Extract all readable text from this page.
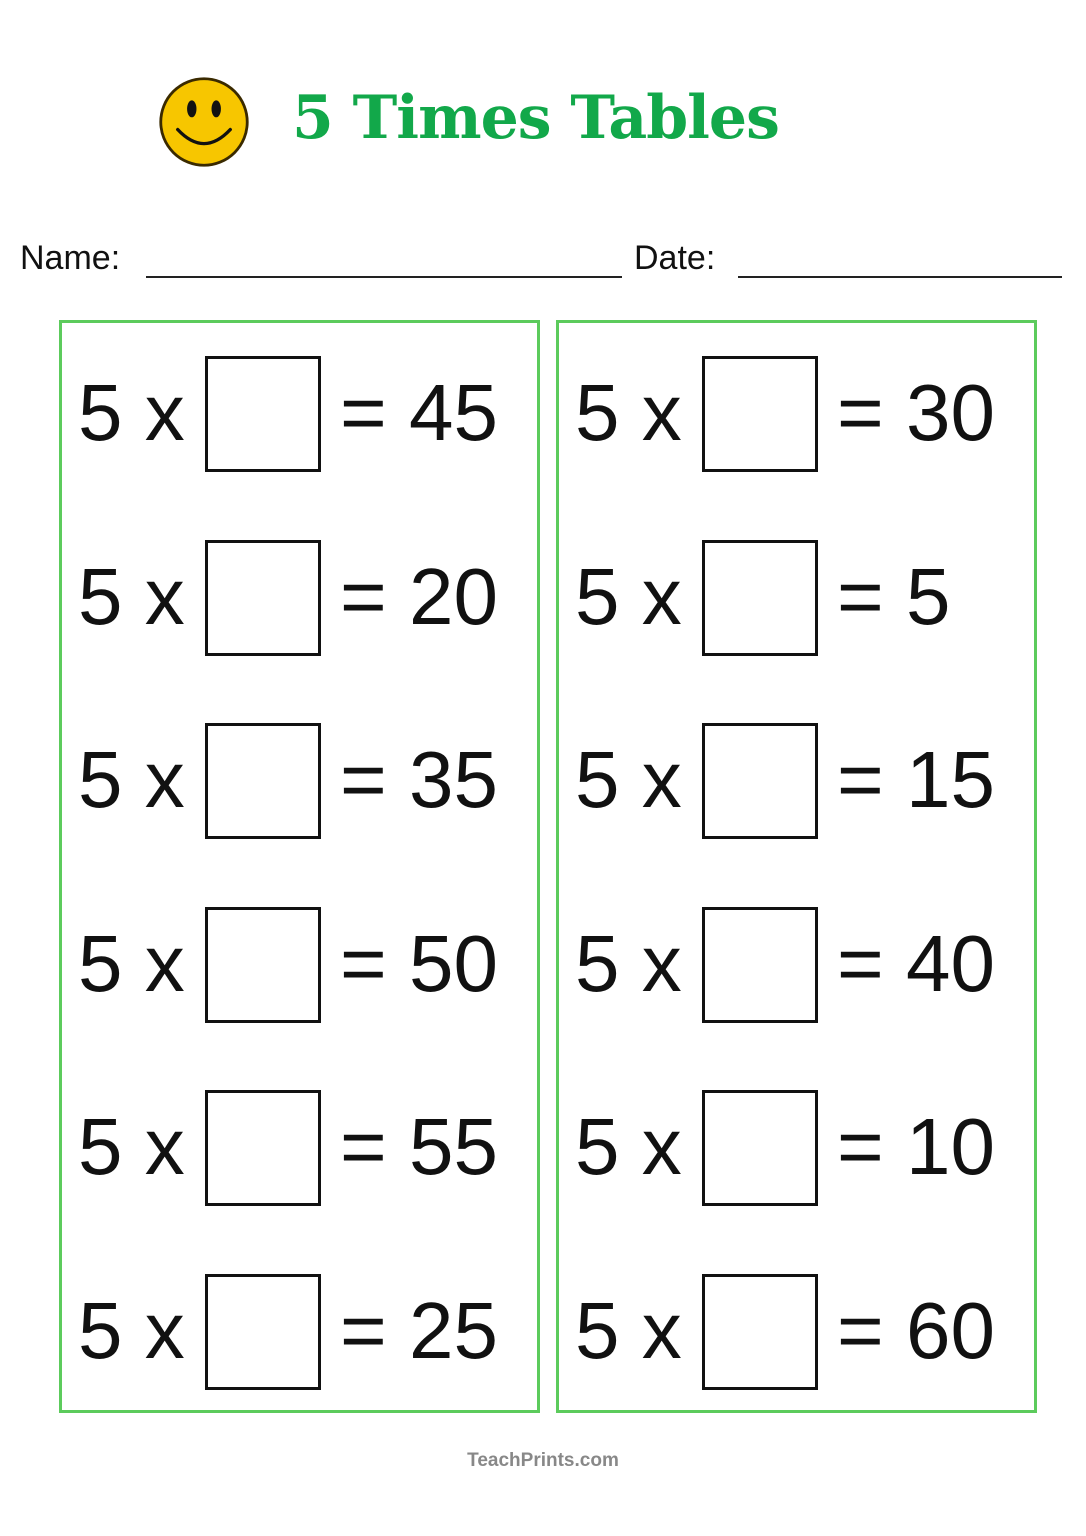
5 Times Tables
Name:	Date:
5 x = 45
5 x = 20
5 x = 35
5 x = 50
5 x = 55
5 x = 25
5 x = 30
5 x = 5
5 x = 15
5 x = 40
5 x = 10
5 x = 60
TeachPrints.com
